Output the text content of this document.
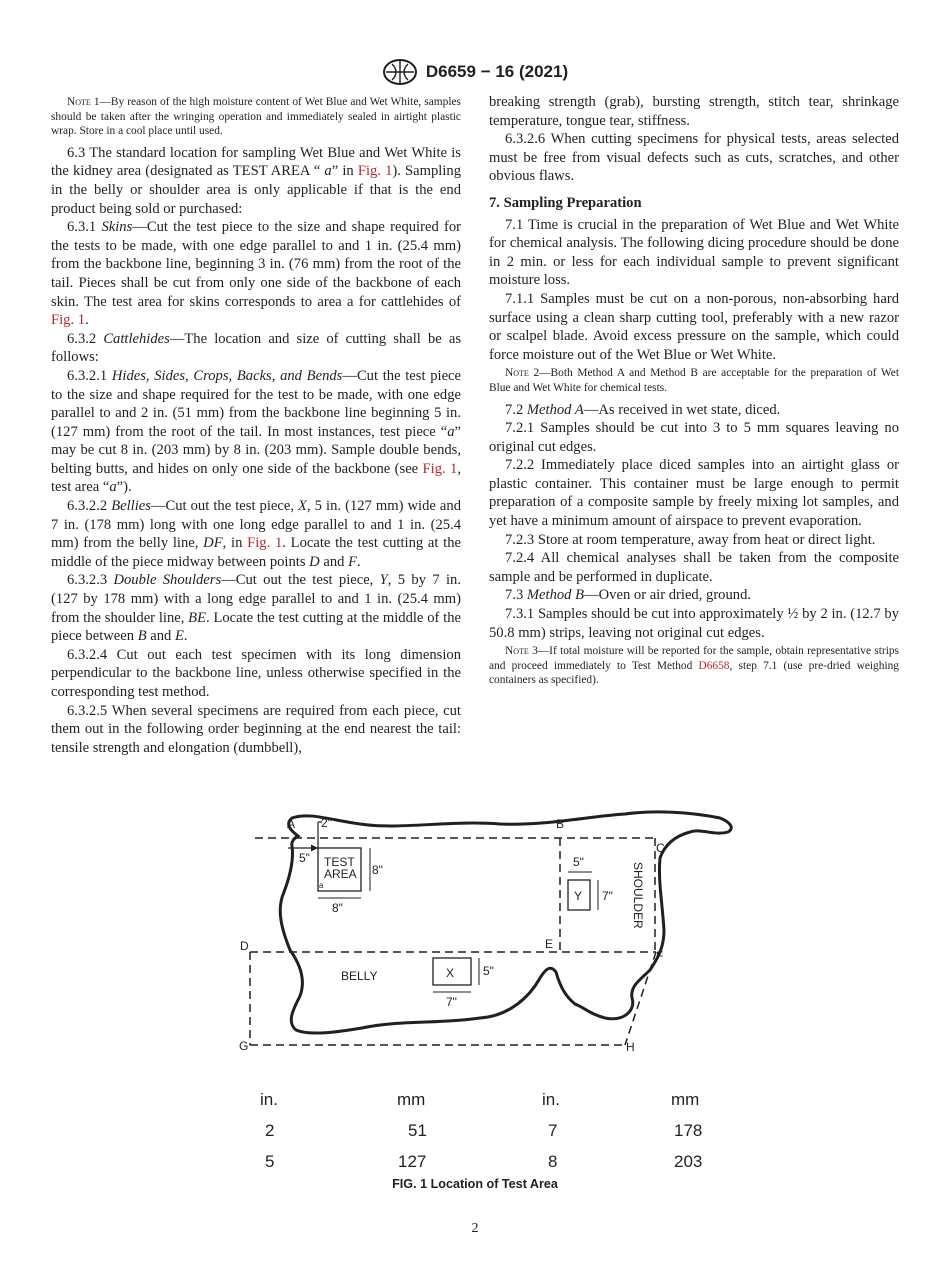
D6659 − 16 (2021)

Note 1—By reason of the high moisture content of Wet Blue and Wet White, samples should be taken after the wringing operation and immediately sealed in airtight plastic wrap. Store in a cool place until used.

6.3 The standard location for sampling Wet Blue and Wet White is the kidney area (designated as TEST AREA “ a” in Fig. 1). Sampling in the belly or shoulder area is only applicable if that is the end product being sold or purchased:

6.3.1 Skins—Cut the test piece to the size and shape required for the tests to be made, with one edge parallel to and 1 in. (25.4 mm) from the backbone line, beginning 3 in. (76 mm) from the root of the tail. Pieces shall be cut from only one side of the backbone of each skin. The test area for skins corresponds to area a for cattlehides of Fig. 1.

6.3.2 Cattlehides—The location and size of cutting shall be as follows:

6.3.2.1 Hides, Sides, Crops, Backs, and Bends—Cut the test piece to the size and shape required for the test to be made, with one edge parallel to and 2 in. (51 mm) from the backbone line beginning 5 in. (127 mm) from the root of the tail. In most instances, test piece “a” may be cut 8 in. (203 mm) by 8 in. (203 mm). Sample double bends, belting butts, and hides on only one side of the backbone (see Fig. 1, test area “a”).

6.3.2.2 Bellies—Cut out the test piece, X, 5 in. (127 mm) wide and 7 in. (178 mm) long with one long edge parallel to and 1 in. (25.4 mm) from the belly line, DF, in Fig. 1. Locate the test cutting at the middle of the piece midway between points D and F.

6.3.2.3 Double Shoulders—Cut out the test piece, Y, 5 by 7 in. (127 by 178 mm) with a long edge parallel to and 1 in. (25.4 mm) from the shoulder line, BE. Locate the test cutting at the middle of the piece between B and E.

6.3.2.4 Cut out each test specimen with its long dimension perpendicular to the backbone line, unless otherwise specified in the corresponding test method.

6.3.2.5 When several specimens are required from each piece, cut them out in the following order beginning at the end nearest the tail: tensile strength and elongation (dumbbell),

breaking strength (grab), bursting strength, stitch tear, shrinkage temperature, tongue tear, stiffness.

6.3.2.6 When cutting specimens for physical tests, areas selected must be free from visual defects such as cuts, scratches, and other obvious flaws.

7. Sampling Preparation

7.1 Time is crucial in the preparation of Wet Blue and Wet White for chemical analysis. The following dicing procedure should be done in 2 min. or less for each individual sample to prevent significant moisture loss.

7.1.1 Samples must be cut on a non-porous, non-absorbing hard surface using a clean sharp cutting tool, preferably with a new razor or scalpel blade. Avoid excess pressure on the sample, which could force moisture out of the Wet Blue or Wet White.

Note 2—Both Method A and Method B are acceptable for the preparation of Wet Blue and Wet White for chemical tests.

7.2 Method A—As received in wet state, diced.

7.2.1 Samples should be cut into 3 to 5 mm squares leaving no original cut edges.

7.2.2 Immediately place diced samples into an airtight glass or plastic container. This container must be large enough to permit preparation of a composite sample by freely mixing lot samples, and yet have a minimum amount of airspace to prevent evaporation.

7.2.3 Store at room temperature, away from heat or direct light.

7.2.4 All chemical analyses shall be taken from the composite sample and be performed in duplicate.

7.3 Method B—Oven or air dried, ground.

7.3.1 Samples should be cut into approximately ½ by 2 in. (12.7 by 50.8 mm) strips, leaving not original cut edges.

Note 3—If total moisture will be reported for the sample, obtain representative strips and proceed immediately to Test Method D6658, step 7.1 (use pre-dried weighing containers as specified).

A	B
C
D	E
F
G	H
2"
5" TEST
AREA
a
8"
8"	SHOULDER
5"
Y 7"
BELLY	X 5"
7"
in.	mm	in.	mm
2	51	7	178
5	127	8	203
FIG. 1 Location of Test Area
2
